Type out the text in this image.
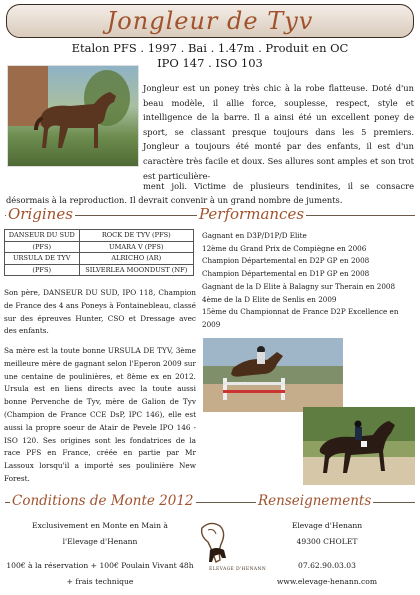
Jongleur de Tyv
Etalon PFS . 1997 . Bai . 1.47m . Produit en OC
IPO 147 . ISO 103
Jongleur est un poney très chic à la robe flatteuse. Doté d'un beau modèle, il allie force, souplesse, respect, style et intelligence de la barre. Il a ainsi été un excellent poney de sport, se classant presque toujours dans les 5 premiers. Jongleur a toujours été monté par des enfants, il est d'un caractère très facile et doux. Ses allures sont amples et son trot est particulière-
ment joli. Victime de plusieurs tendinites, il se consacre désormais à la reproduction. Il devrait convenir à un grand nombre de juments.
Origines	Performances
DANSEUR DU SUD	ROCK DE TYV (PFS)
(PFS)	UMARA V (PFS)
URSULA DE TYV	ALRICHO (AR)
(PFS)	SILVERLEA MOONDUST (NF)
Gagnant en D3P/D1P/D Elite
12ème du Grand Prix de Compiègne en 2006
Champion Départemental en D2P GP en 2008
Champion Départemental en D1P GP en 2008
Gagnant de la D Elite à Balagny sur Therain en 2008
4ème de la D Elite de Senlis en 2009
15ème du Championnat de France D2P Excellence en 2009
Son père, DANSEUR DU SUD, IPO 118, Champion de France des 4 ans Poneys à Fontainebleau, classé sur des épreuves Hunter, CSO et Dressage avec des enfants.
Sa mère est la toute bonne URSULA DE TYV, 3ème meilleure mère de gagnant selon l'Eperon 2009 sur une centaine de poulinières, et 8ème ex en 2012. Ursula est en liens directs avec la toute aussi bonne Pervenche de Tyv, mère de Galion de Tyv (Champion de France CCE DsP, IPC 146), elle est aussi la propre soeur de Atair de Pevele IPO 146 - ISO 120. Ses origines sont les fondatrices de la race PFS en France, créée en partie par Mr Lassoux lorsqu'il a importé ses poulinière New Forest.
Conditions de Monte 2012	Renseignements
Exclusivement en Monte en Main à
l'Elevage d'Henann
100€ à la réservation + 100€ Poulain Vivant 48h
+ frais technique
ÉLEVAGE D'HENANN
Elevage d'Henann
49300 CHOLET
07.62.90.03.03
www.elevage-henann.com
